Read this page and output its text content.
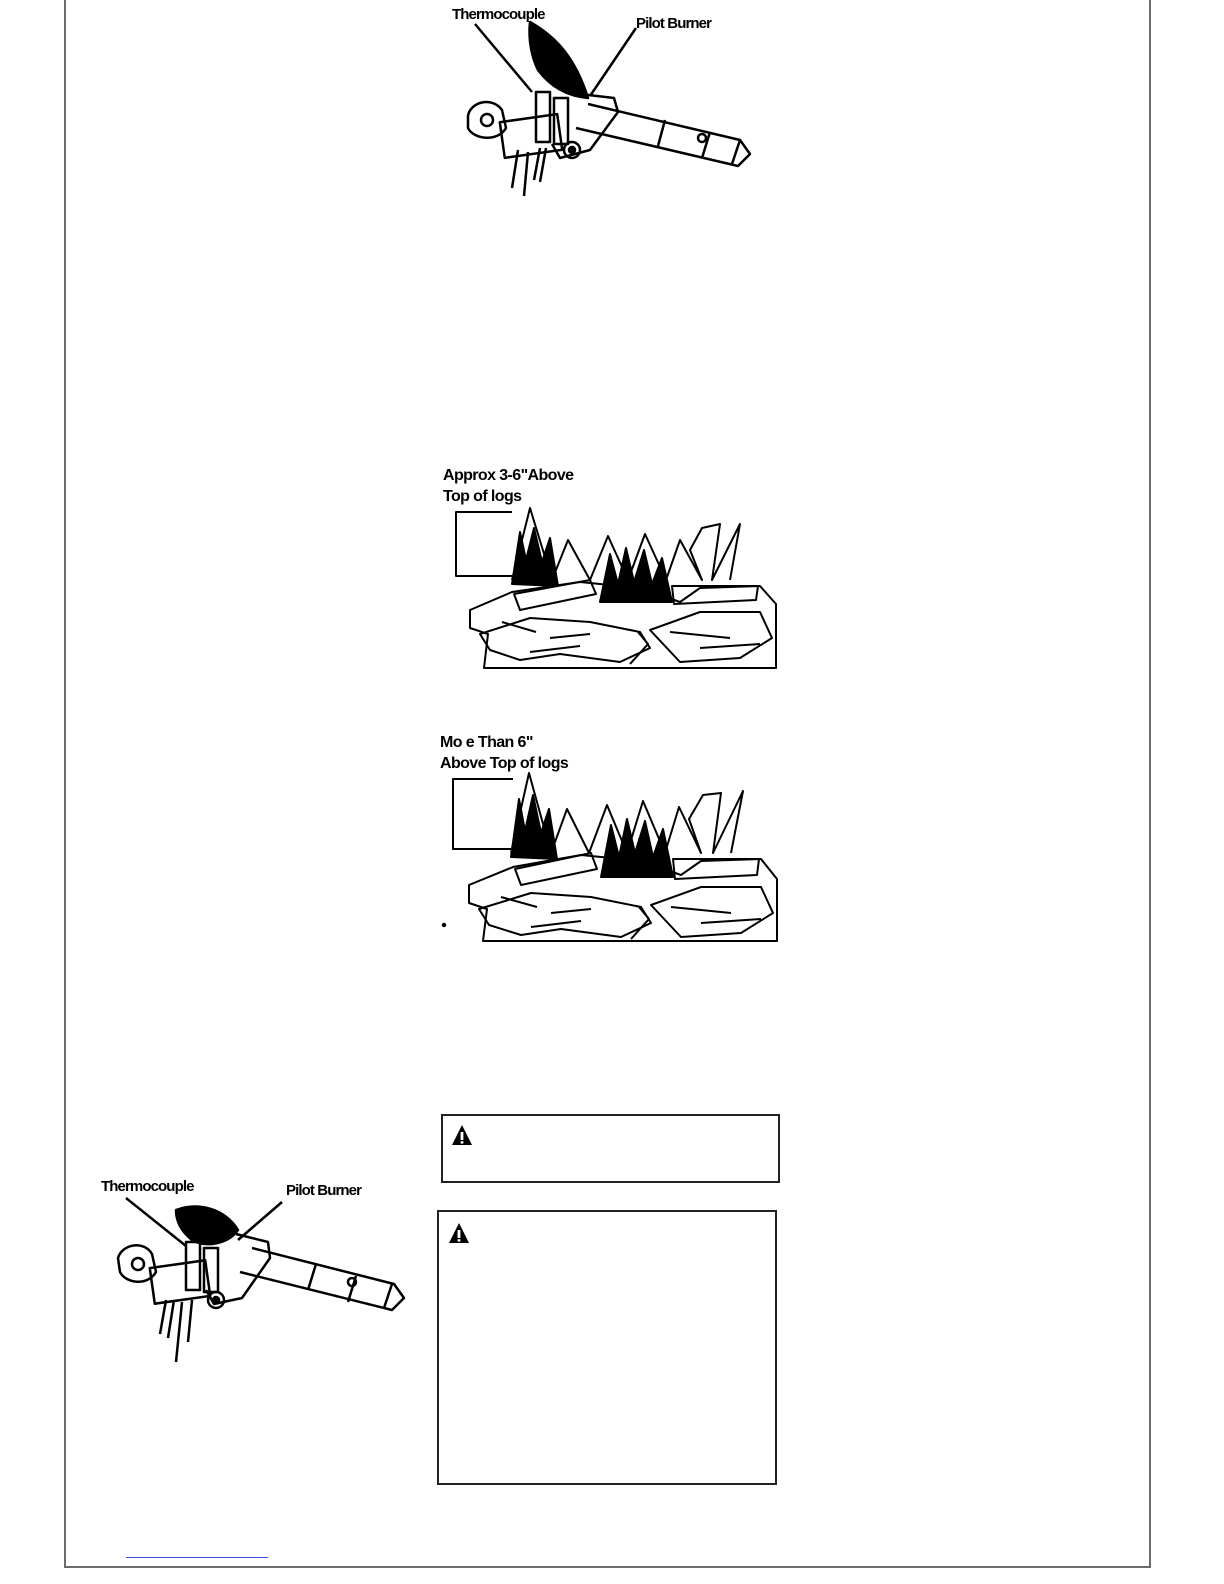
Thermocouple
Pilot Burner
Approx 3-6"Above
Top of logs
Mo e Than 6"
Above Top of logs
Thermocouple	Pilot Burner
